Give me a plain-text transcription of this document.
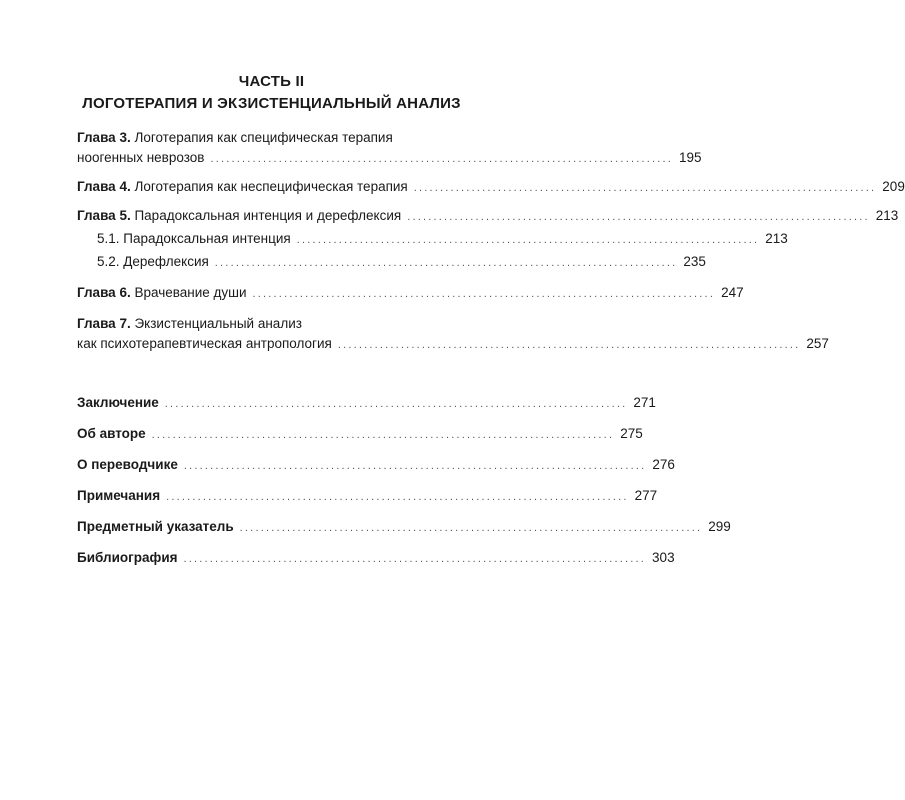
ЧАСТЬ II
ЛОГОТЕРАПИЯ И ЭКЗИСТЕНЦИАЛЬНЫЙ АНАЛИЗ
Глава 3. Логотерапия как специфическая терапия
ноогенных неврозов ........................................................................................ 195
Глава 4. Логотерапия как неспецифическая терапия ........................................................................................ 209
Глава 5. Парадоксальная интенция и дерефлексия ........................................................................................ 213
5.1. Парадоксальная интенция ........................................................................................ 213
5.2. Дерефлексия ........................................................................................ 235
Глава 6. Врачевание души ........................................................................................ 247
Глава 7. Экзистенциальный анализ
как психотерапевтическая антропология ........................................................................................ 257
Заключение ........................................................................................ 271
Об авторе ........................................................................................ 275
О переводчике ........................................................................................ 276
Примечания ........................................................................................ 277
Предметный указатель ........................................................................................ 299
Библиография ........................................................................................ 303
